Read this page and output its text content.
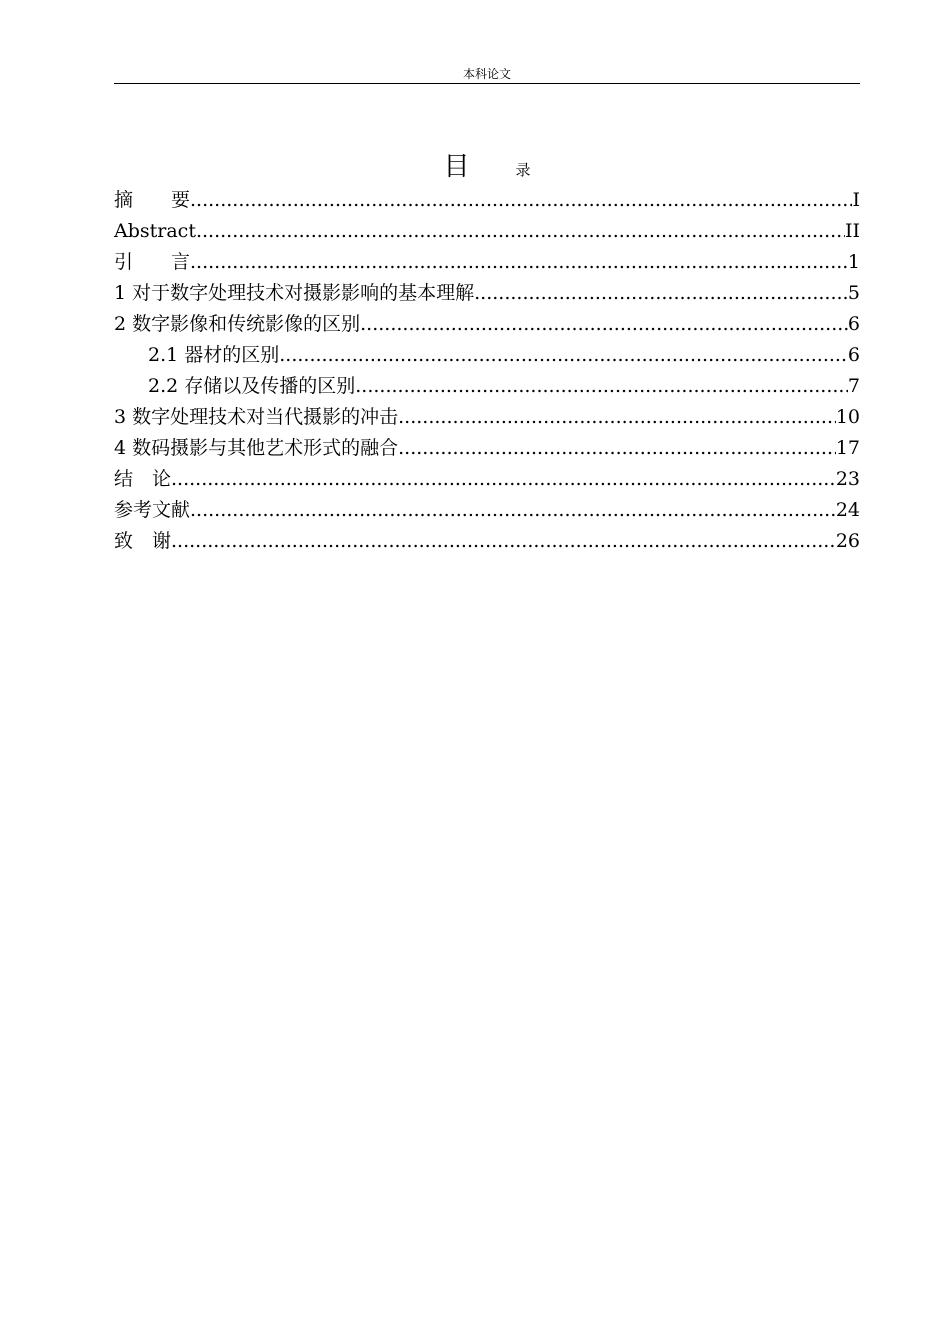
本科论文
目	录
摘　　要 .....	I
Abstract .....	II
引　　言 .....	1
1 对于数字处理技术对摄影影响的基本理解 .....	5
2 数字影像和传统影像的区别 .....	6
2.1 器材的区别 .....	6
2.2 存储以及传播的区别 .....	7
3 数字处理技术对当代摄影的冲击 .....	10
4 数码摄影与其他艺术形式的融合 .....	17
结　论 .....	23
参考文献 .....	24
致　谢 .....	26
